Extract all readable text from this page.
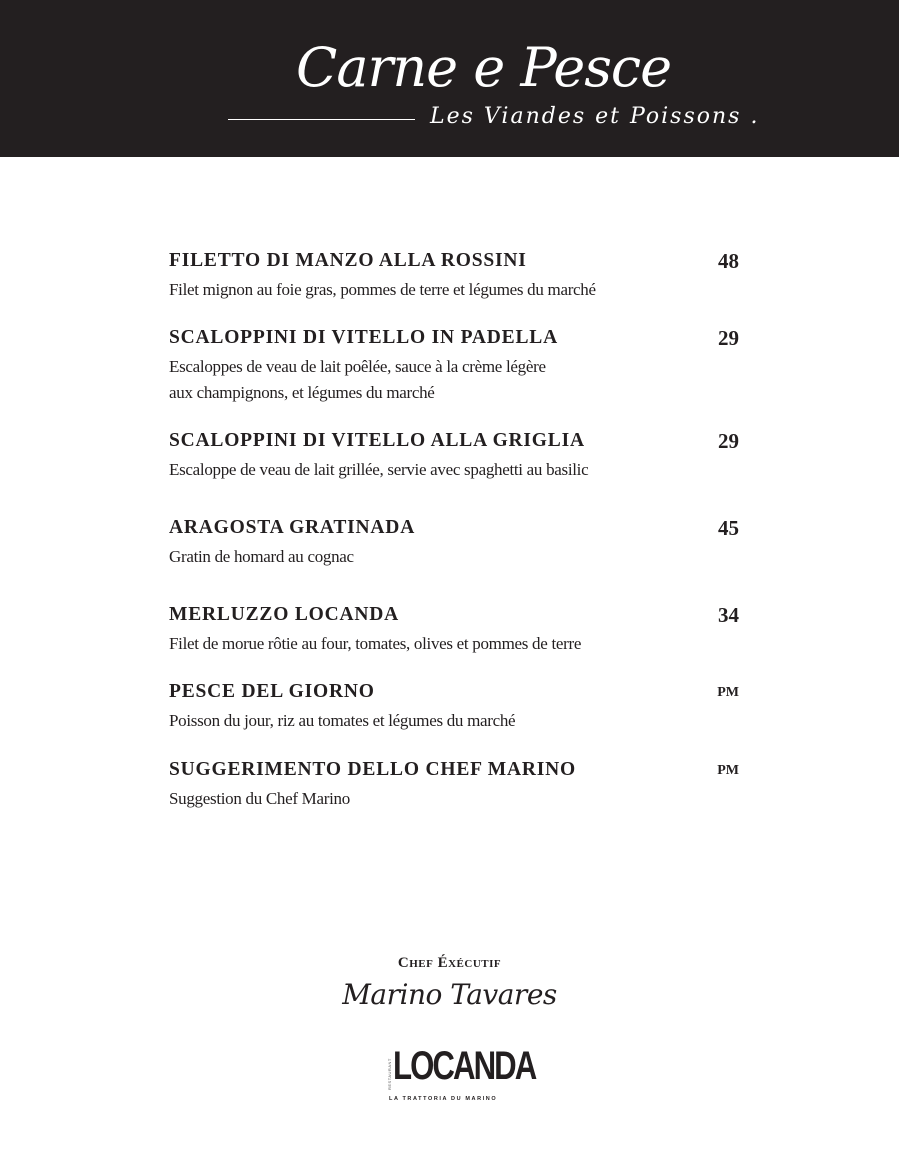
Carne e Pesce
Les Viandes et Poissons .
FILETTO DI MANZO ALLA ROSSINI	48
Filet mignon au foie gras, pommes de terre et légumes du marché
SCALOPPINI DI VITELLO IN PADELLA	29
Escaloppes de veau de lait poêlée, sauce à la crème légère
aux champignons, et légumes du marché
SCALOPPINI DI VITELLO ALLA GRIGLIA	29
Escaloppe de veau de lait grillée, servie avec spaghetti au basilic
ARAGOSTA GRATINADA	45
Gratin de homard au cognac
MERLUZZO LOCANDA	34
Filet de morue rôtie au four, tomates, olives et pommes de terre
PESCE DEL GIORNO	PM
Poisson du jour, riz au tomates et légumes du marché
SUGGERIMENTO DELLO CHEF MARINO	PM
Suggestion du Chef Marino
Chef Éxécutif
Marino Tavares
RESTAURANT LOCANDA
LA TRATTORIA DU MARINO
